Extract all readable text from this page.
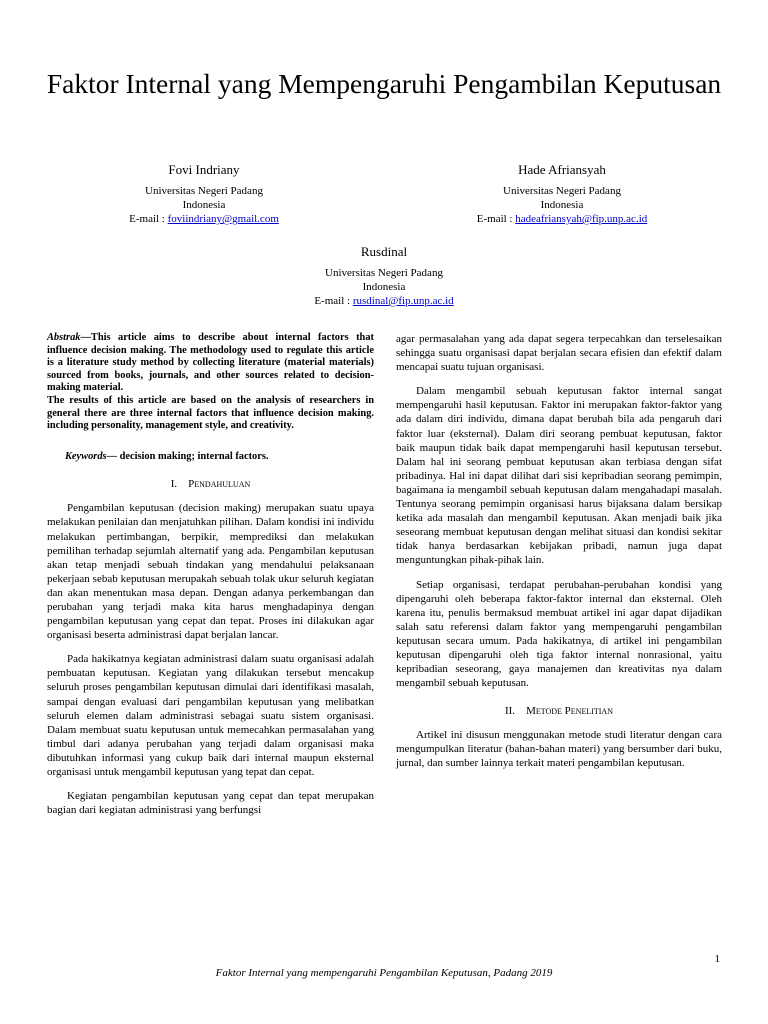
Faktor Internal yang Mempengaruhi Pengambilan Keputusan
Fovi Indriany
Universitas Negeri Padang
Indonesia
E-mail : foviindriany@gmail.com
Hade Afriansyah
Universitas Negeri Padang
Indonesia
E-mail : hadeafriansyah@fip.unp.ac.id
Rusdinal
Universitas Negeri Padang
Indonesia
E-mail : rusdinal@fip.unp.ac.id

Abstrak—This article aims to describe about internal factors that influence decision making. The methodology used to regulate this article is a literature study method by collecting literature (material materials) sourced from books, journals, and other sources related to decision-making material.

The results of this article are based on the analysis of researchers in general there are three internal factors that influence decision making. including personality, management style, and creativity.

Keywords— decision making; internal factors.

I. Pendahuluan

Pengambilan keputusan (decision making) merupakan suatu upaya melakukan penilaian dan menjatuhkan pilihan. Dalam kondisi ini individu melakukan pertimbangan, berpikir, memprediksi dan melakukan pemilihan terhadap sejumlah alternatif yang ada. Pengambilan keputusan akan tetap menjadi sebuah tindakan yang mendahului pelaksanaan pekerjaan sebab keputusan merupakah sebuah tolak ukur seluruh kegiatan dan akan menentukan masa depan. Dengan adanya perkembangan dan perubahan yang terjadi maka kita harus menghadapinya dengan pengambilan keputusan yang cepat dan tepat. Proses ini dilakukan agar organisasi beserta administrasi dapat berjalan lancar.

Pada hakikatnya kegiatan administrasi dalam suatu organisasi adalah pembuatan keputusan. Kegiatan yang dilakukan tersebut mencakup seluruh proses pengambilan keputusan dimulai dari identifikasi masalah, sampai dengan evaluasi dari pengambilan keputusan yang melibatkan seluruh elemen dalam administrasi sebagai suatu sistem organisasi. Dalam membuat suatu keputusan untuk memecahkan permasalahan yang timbul dari adanya perubahan yang terjadi dalam organisasi maka dibutuhkan informasi yang cukup baik dari internal maupun eksternal organisasi untuk mengambil keputusan yang tepat dan cepat.

Kegiatan pengambilan keputusan yang cepat dan tepat merupakan bagian dari kegiatan administrasi yang berfungsi

agar permasalahan yang ada dapat segera terpecahkan dan terselesaikan sehingga suatu organisasi dapat berjalan secara efisien dan efektif dalam mencapai suatu tujuan organisasi.

Dalam mengambil sebuah keputusan faktor internal sangat mempengaruhi hasil keputusan. Faktor ini merupakan faktor-faktor yang ada dalam diri individu, dimana dapat berubah bila ada pengaruh dari faktor luar (eksternal). Dalam diri seorang pembuat keputusan, faktor baik maupun tidak baik dapat mempengaruhi hasil keputusan tersebut. Dalam hal ini seorang pembuat keputusan akan terbiasa dengan sifat pribadinya. Hal ini dapat dilihat dari sisi kepribadian seorang pemimpin, bagaimana ia mengambil sebuah keputusan dalam mengahadapi masalah. Tentunya seorang pemimpin organisasi harus bijaksana dalam bersikap ketika ada masalah dan mengambil keputusan. Akan menjadi baik jika seseorang membuat keputusan dengan melihat situasi dan kondisi sekitar tidak hanya berdasarkan kebijakan pribadi, namun juga dapat menguntungkan pihak-pihak lain.

Setiap organisasi, terdapat perubahan-perubahan kondisi yang dipengaruhi oleh beberapa faktor-faktor internal dan eksternal. Oleh karena itu, penulis bermaksud membuat artikel ini agar dapat dijadikan salah satu referensi dalam faktor yang mempengaruhi pengambilan keputusan secara umum. Pada hakikatnya, di artikel ini pengambilan keputusan dipengaruhi oleh tiga faktor internal nonrasional, yaitu kepribadian seseorang, gaya manajemen dan kreativitas nya dalam mengambil sebuah keputusan.

II. Metode Penelitian

Artikel ini disusun menggunakan metode studi literatur dengan cara mengumpulkan literatur (bahan-bahan materi) yang bersumber dari buku, jurnal, dan sumber lainnya terkait materi pengambilan keputusan.

1
Faktor Internal yang mempengaruhi Pengambilan Keputusan, Padang 2019
